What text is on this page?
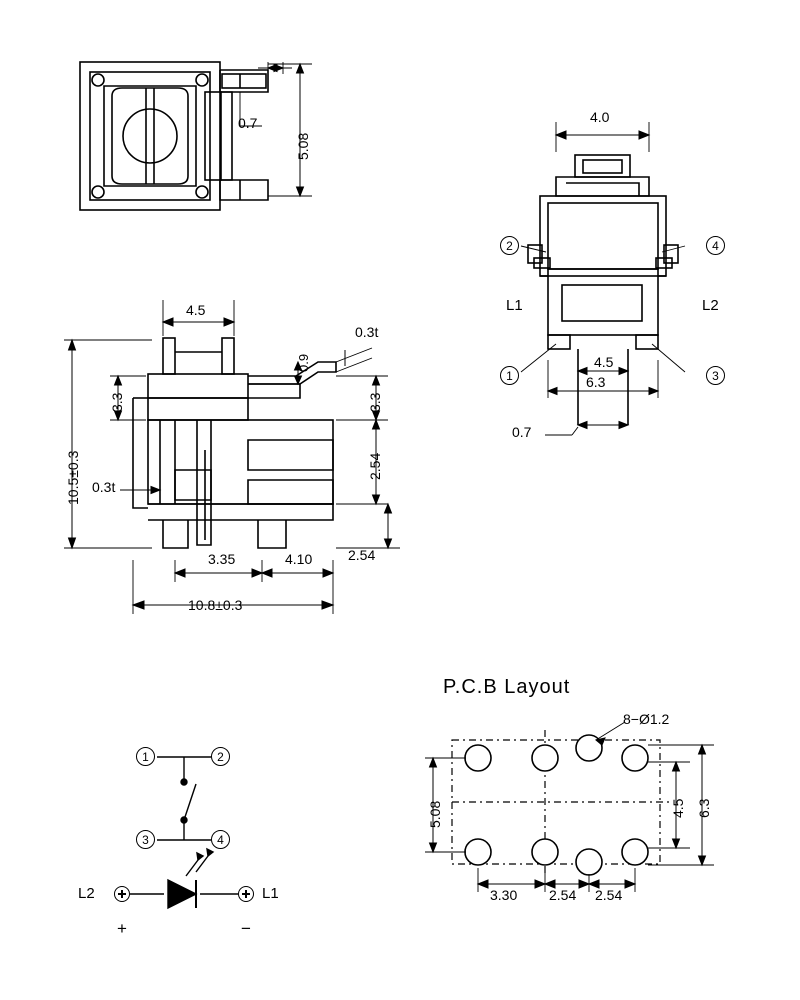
0.7
5.08
4.0
2	4
1	3
L1	L2
4.5
6.3
0.7
4.5
0.9
0.3t
3.3	3.3
2.54
2.54
0.3t
3.35	4.10
10.5±0.3
10.8±0.3
1	2
3	4
L2	L1
+	−
P.C.B Layout
8−Ø1.2
5.08	4.5 6.3
3.30 2.54 2.54
